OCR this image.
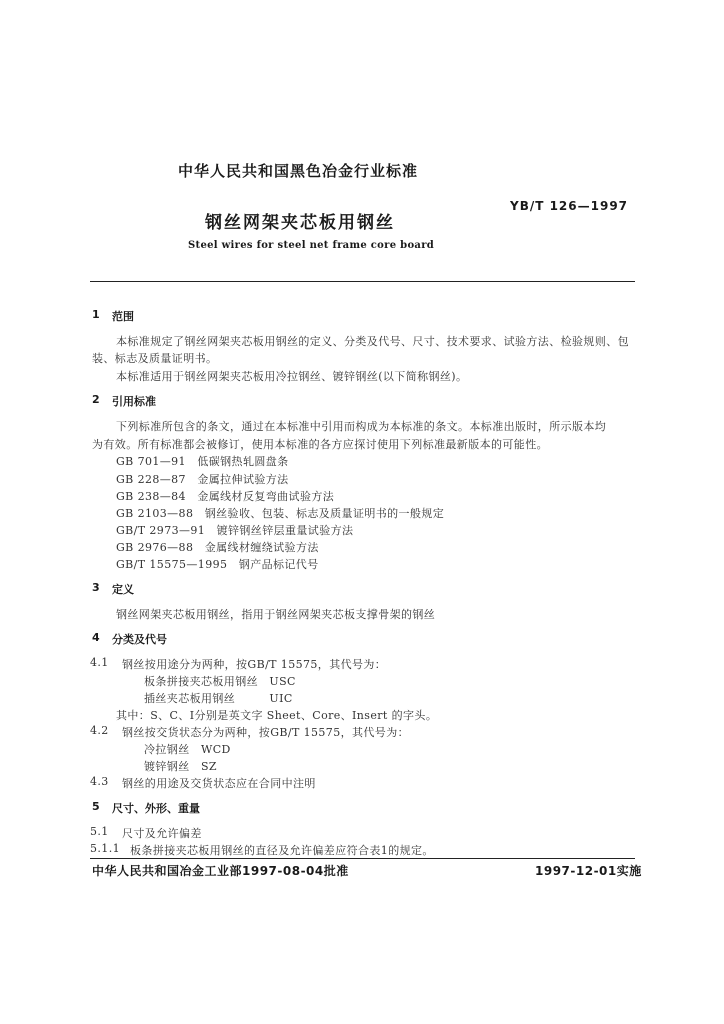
中华人民共和国黑色冶金行业标准
YB/T 126—1997
钢丝网架夹芯板用钢丝
Steel wires for steel net frame core board
1 范围
本标准规定了钢丝网架夹芯板用钢丝的定义、分类及代号、尺寸、技术要求、试验方法、检验规则、包
装、标志及质量证明书。
本标准适用于钢丝网架夹芯板用冷拉钢丝、镀锌钢丝(以下简称钢丝)。
2 引用标准
下列标准所包含的条文，通过在本标准中引用而构成为本标准的条文。本标准出版时，所示版本均
为有效。所有标准都会被修订，使用本标准的各方应探讨使用下列标准最新版本的可能性。
GB 701—91　低碳钢热轧圆盘条
GB 228—87　金属拉伸试验方法
GB 238—84　金属线材反复弯曲试验方法
GB 2103—88　钢丝验收、包装、标志及质量证明书的一般规定
GB/T 2973—91　镀锌钢丝锌层重量试验方法
GB 2976—88　金属线材缠绕试验方法
GB/T 15575—1995　钢产品标记代号
3 定义
钢丝网架夹芯板用钢丝，指用于钢丝网架夹芯板支撑骨架的钢丝
4 分类及代号
4.1 钢丝按用途分为两种，按GB/T 15575，其代号为：
板条拼接夹芯板用钢丝　USC
插丝夹芯板用钢丝　　　UIC
其中：S、C、I分别是英文字 Sheet、Core、Insert 的字头。
4.2 钢丝按交货状态分为两种，按GB/T 15575，其代号为：
冷拉钢丝　WCD
镀锌钢丝　SZ
4.3 钢丝的用途及交货状态应在合同中注明
5 尺寸、外形、重量
5.1 尺寸及允许偏差
5.1.1 板条拼接夹芯板用钢丝的直径及允许偏差应符合表1的规定。
中华人民共和国冶金工业部1997-08-04批准	1997-12-01实施
